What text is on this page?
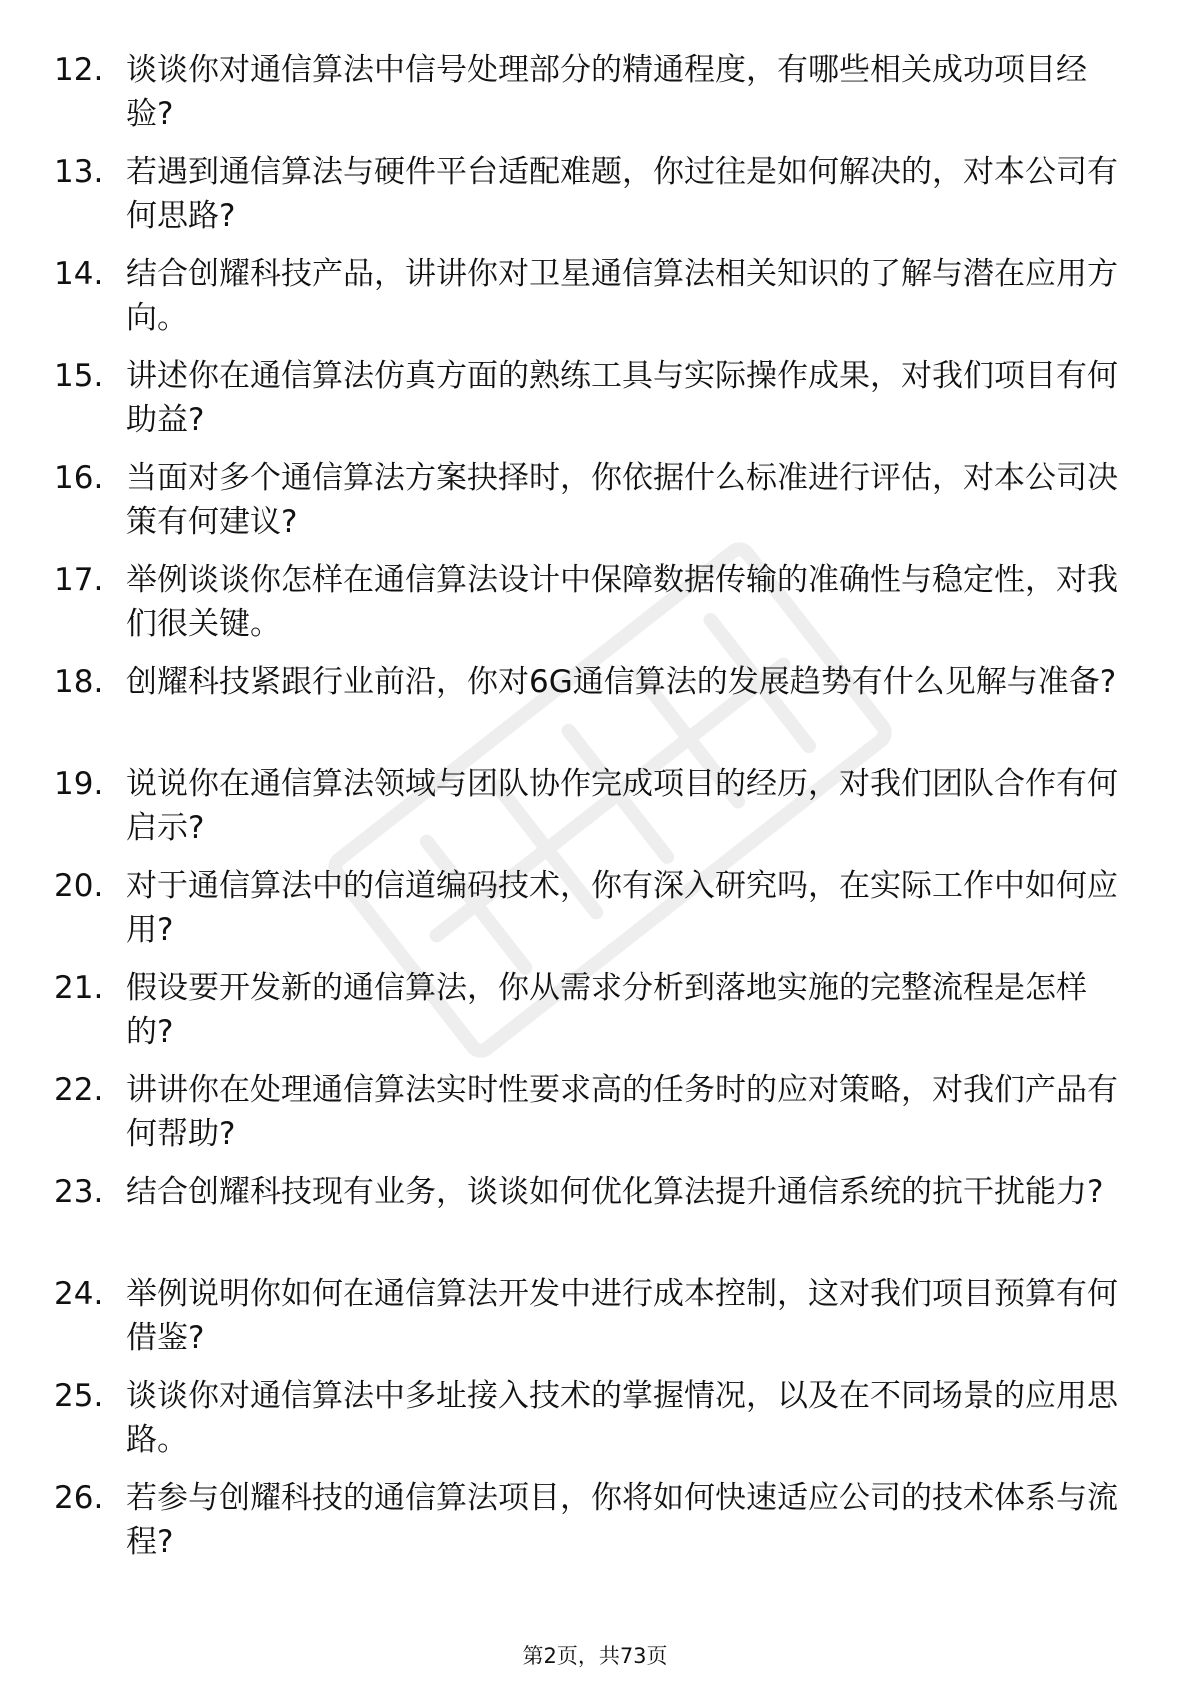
12. 谈谈你对通信算法中信号处理部分的精通程度，有哪些相关成功项目经验?
13. 若遇到通信算法与硬件平台适配难题，你过往是如何解决的，对本公司有何思路?
14. 结合创耀科技产品，讲讲你对卫星通信算法相关知识的了解与潜在应用方向。
15. 讲述你在通信算法仿真方面的熟练工具与实际操作成果，对我们项目有何助益?
16. 当面对多个通信算法方案抉择时，你依据什么标准进行评估，对本公司决策有何建议?
17. 举例谈谈你怎样在通信算法设计中保障数据传输的准确性与稳定性，对我们很关键。
18. 创耀科技紧跟行业前沿，你对6G通信算法的发展趋势有什么见解与准备?
19. 说说你在通信算法领域与团队协作完成项目的经历，对我们团队合作有何启示?
20. 对于通信算法中的信道编码技术，你有深入研究吗，在实际工作中如何应用?
21. 假设要开发新的通信算法，你从需求分析到落地实施的完整流程是怎样的?
22. 讲讲你在处理通信算法实时性要求高的任务时的应对策略，对我们产品有何帮助?
23. 结合创耀科技现有业务，谈谈如何优化算法提升通信系统的抗干扰能力?
24. 举例说明你如何在通信算法开发中进行成本控制，这对我们项目预算有何借鉴?
25. 谈谈你对通信算法中多址接入技术的掌握情况，以及在不同场景的应用思路。
26. 若参与创耀科技的通信算法项目，你将如何快速适应公司的技术体系与流程?
第2页，共73页
